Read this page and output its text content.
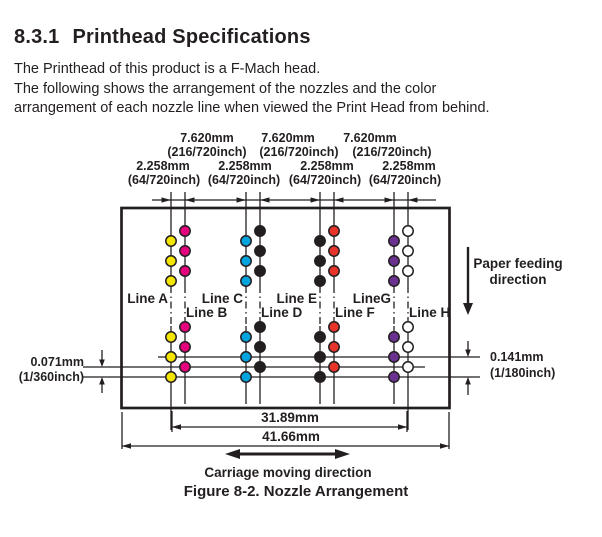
8.3.1 Printhead Specifications
The Printhead of this product is a F-Mach head.
The following shows the arrangement of the nozzles and the color
arrangement of each nozzle line when viewed the Print Head from behind.
Line A
Line B
Line C
Line D
Line E
Line F
LineG
Line H
7.620mm 7.620mm 7.620mm
(216/720inch) (216/720inch) (216/720inch)
2.258mm 2.258mm 2.258mm 2.258mm
(64/720inch) (64/720inch) (64/720inch) (64/720inch)
0.071mm
(1/360inch)
0.141mm
(1/180inch)
Paper feeding
direction
31.89mm
41.66mm
Carriage moving direction
Figure 8-2. Nozzle Arrangement
